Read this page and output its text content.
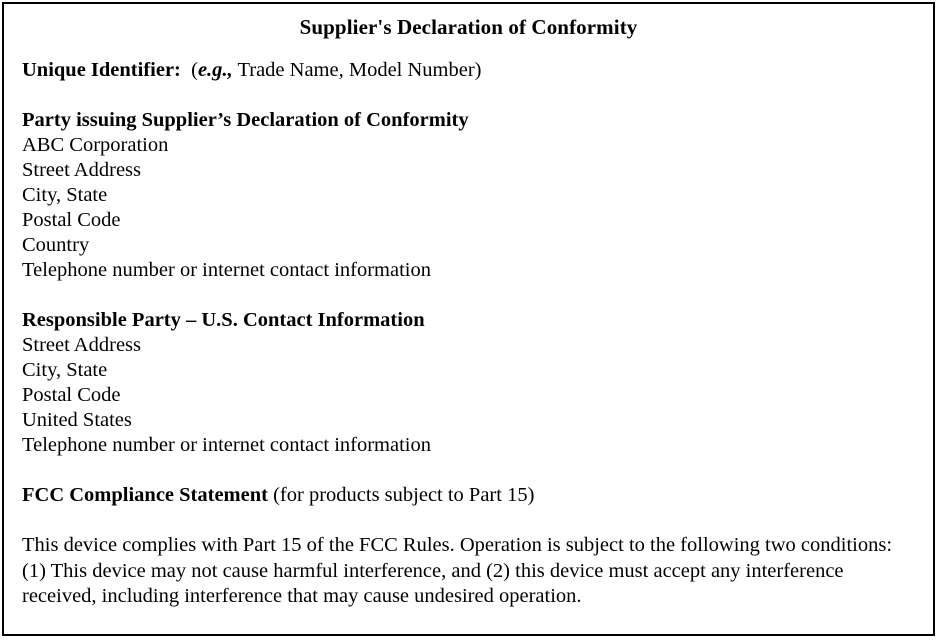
Supplier's Declaration of Conformity
Unique Identifier:  (e.g., Trade Name, Model Number)
Party issuing Supplier’s Declaration of Conformity
ABC Corporation
Street Address
City, State
Postal Code
Country
Telephone number or internet contact information
Responsible Party – U.S. Contact Information
Street Address
City, State
Postal Code
United States
Telephone number or internet contact information
FCC Compliance Statement (for products subject to Part 15)
This device complies with Part 15 of the FCC Rules. Operation is subject to the following two conditions: (1) This device may not cause harmful interference, and (2) this device must accept any interference received, including interference that may cause undesired operation.
